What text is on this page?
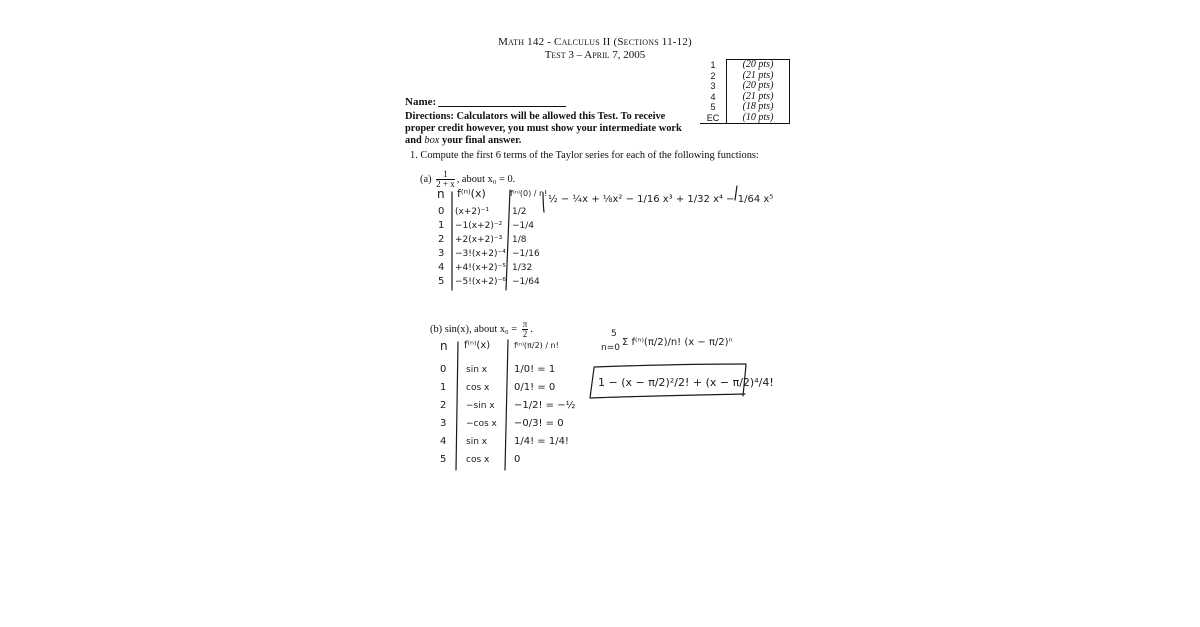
Math 142 - Calculus II (Sections 11-12)
Test 3 – April 7, 2005
1	(20 pts)
2	(21 pts)
3	(20 pts)
4	(21 pts)
5	(18 pts)
EC	(10 pts)
Name:
Directions: Calculators will be allowed this Test. To receive proper credit however, you must show your intermediate work and box your final answer.
1. Compute the first 6 terms of the Taylor series for each of the following functions:
$(a) \frac{1}{2 + x}$ , about x₀ = 0.
(b) sin(x), about $x_0 = \frac{\pi}{2}$ .
n f⁽ⁿ⁾(x)	f⁽ⁿ⁾(0) / n!
0 (x+2)⁻¹	1/2
1 −1(x+2)⁻² −1/4
2 +2(x+2)⁻³ 1/8
3 −3!(x+2)⁻⁴ −1/16
4 +4!(x+2)⁻⁵ 1/32
5 −5!(x+2)⁻⁶ −1/64
½ − ¼x + ⅛x² − 1/16 x³ + 1/32 x⁴ − 1/64 x⁵
n f⁽ⁿ⁾(x)	f⁽ⁿ⁾(π/2) / n!
0 sin x	1/0! = 1
1 cos x 0/1! = 0
2 −sin x −1/2! = −½
3 −cos x −0/3! = 0
4 sin x	1/4! = 1/4!
5 cos x 0
5
n=0 Σ f⁽ⁿ⁾(π/2)/n! (x − π/2)ⁿ
1 − (x − π/2)²/2! + (x − π/2)⁴/4!
